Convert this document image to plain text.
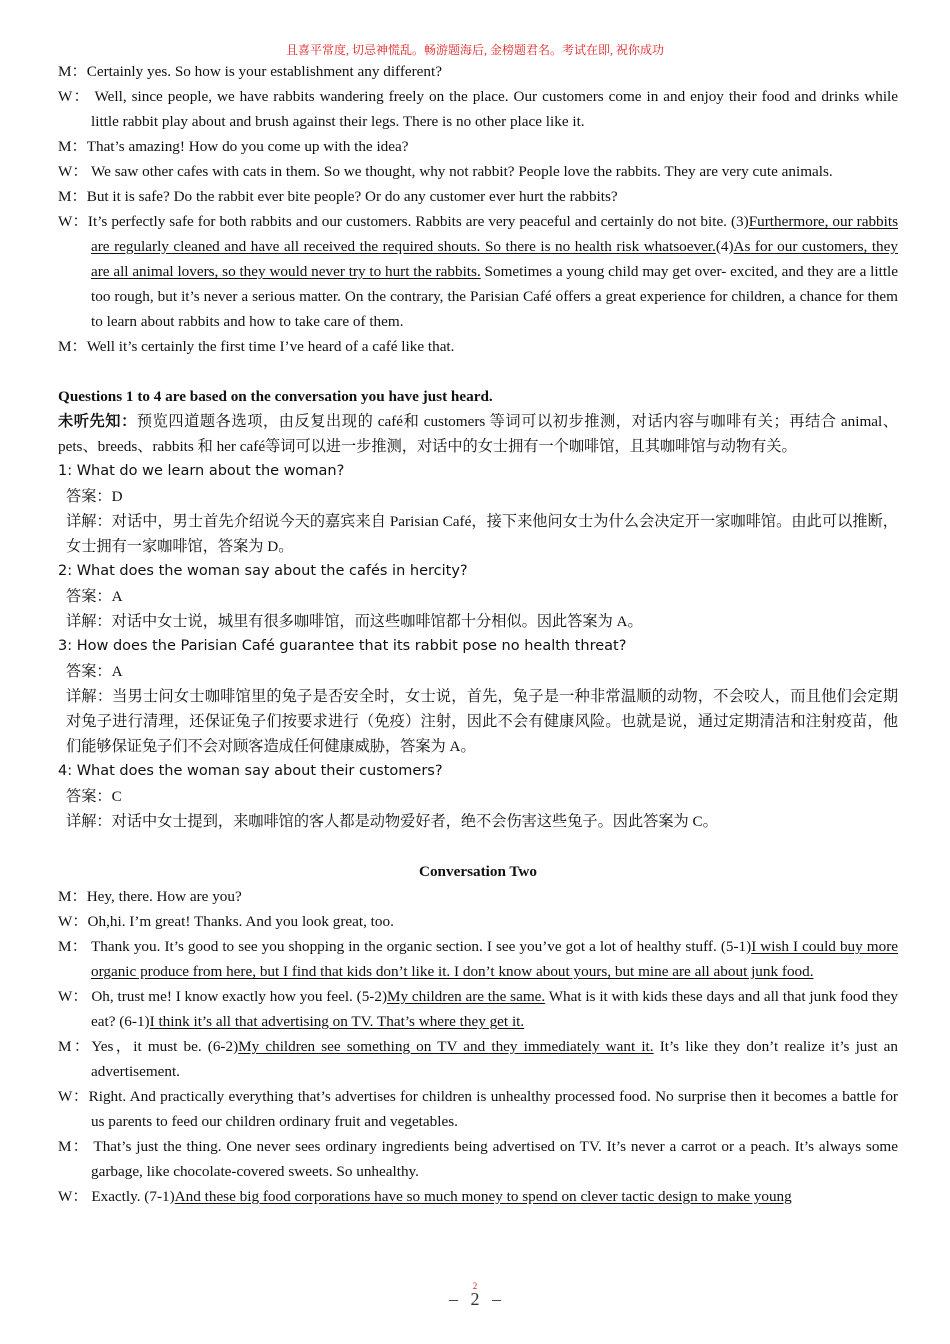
且喜平常度, 切忌神慌乱。畅游题海后, 金榜题君名。考试在即, 祝你成功

M：Certainly yes. So how is your establishment any different?

W： Well, since people, we have rabbits wandering freely on the place. Our customers come in and enjoy their food and drinks while little rabbit play about and brush against their legs. There is no other place like it.

M：That’s amazing! How do you come up with the idea?

W： We saw other cafes with cats in them. So we thought, why not rabbit? People love the rabbits. They are very cute animals.

M：But it is safe? Do the rabbit ever bite people? Or do any customer ever hurt the rabbits?

W：It’s perfectly safe for both rabbits and our customers. Rabbits are very peaceful and certainly do not bite. (3)Furthermore, our rabbits are regularly cleaned and have all received the required shouts. So there is no health risk whatsoever.(4)As for our customers, they are all animal lovers, so they would never try to hurt the rabbits. Sometimes a young child may get over- excited, and they are a little too rough, but it’s never a serious matter. On the contrary, the Parisian Café offers a great experience for children, a chance for them to learn about rabbits and how to take care of them.

M：Well it’s certainly the first time I’ve heard of a café like that.

Questions 1 to 4 are based on the conversation you have just heard.

未听先知：预览四道题各选项，由反复出现的 café和 customers 等词可以初步推测，对话内容与咖啡有关；再结合 animal、pets、breeds、rabbits 和 her café等词可以进一步推测，对话中的女士拥有一个咖啡馆，且其咖啡馆与动物有关。

1: What do we learn about the woman?

答案：D

详解：对话中，男士首先介绍说今天的嘉宾来自 Parisian Café，接下来他问女士为什么会决定开一家咖啡馆。由此可以推断，女士拥有一家咖啡馆，答案为 D。

2: What does the woman say about the cafés in hercity?

答案：A

详解：对话中女士说，城里有很多咖啡馆，而这些咖啡馆都十分相似。因此答案为 A。

3: How does the Parisian Café guarantee that its rabbit pose no health threat?

答案：A

详解：当男士问女士咖啡馆里的兔子是否安全时，女士说，首先，兔子是一种非常温顺的动物，不会咬人，而且他们会定期对兔子进行清理，还保证兔子们按要求进行（免疫）注射，因此不会有健康风险。也就是说，通过定期清洁和注射疫苗，他们能够保证兔子们不会对顾客造成任何健康威胁，答案为 A。

4: What does the woman say about their customers?

答案：C

详解：对话中女士提到，来咖啡馆的客人都是动物爱好者，绝不会伤害这些兔子。因此答案为 C。

Conversation Two

M：Hey, there. How are you?

W：Oh,hi. I’m great! Thanks. And you look great, too.

M： Thank you. It’s good to see you shopping in the organic section. I see you’ve got a lot of healthy stuff. (5-1)I wish I could buy more organic produce from here, but I find that kids don’t like it. I don’t know about yours, but mine are all about junk food.

W： Oh, trust me! I know exactly how you feel. (5-2)My children are the same. What is it with kids these days and all that junk food they eat? (6-1)I think it’s all that advertising on TV. That’s where they get it.

M：Yes，it must be. (6-2)My children see something on TV and they immediately want it. It’s like they don’t realize it’s just an advertisement.

W：Right. And practically everything that’s advertises for children is unhealthy processed food. No surprise then it becomes a battle for us parents to feed our children ordinary fruit and vegetables.

M： That’s just the thing. One never sees ordinary ingredients being advertised on TV. It’s never a carrot or a peach. It’s always some garbage, like chocolate-covered sweets. So unhealthy.

W： Exactly. (7-1)And these big food corporations have so much money to spend on clever tactic design to make young

–
2
2 –
